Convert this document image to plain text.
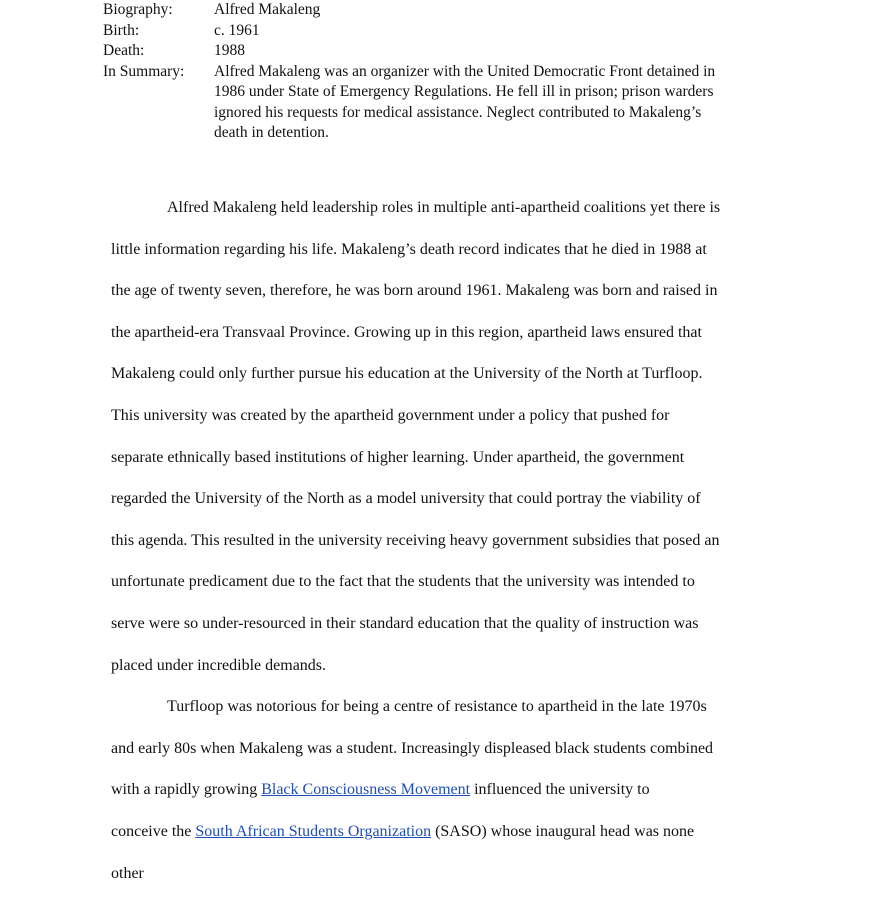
Biography:	Alfred Makaleng
Birth:	c. 1961
Death:	1988
In Summary:	Alfred Makaleng was an organizer with the United Democratic Front detained in
1986 under State of Emergency Regulations. He fell ill in prison; prison warders
ignored his requests for medical assistance. Neglect contributed to Makaleng’s
death in detention.
Alfred Makaleng held leadership roles in multiple anti-apartheid coalitions yet there is
little information regarding his life. Makaleng’s death record indicates that he died in 1988 at
the age of twenty seven, therefore, he was born around 1961. Makaleng was born and raised in
the apartheid-era Transvaal Province. Growing up in this region, apartheid laws ensured that
Makaleng could only further pursue his education at the University of the North at Turfloop.
This university was created by the apartheid government under a policy that pushed for
separate ethnically based institutions of higher learning. Under apartheid, the government
regarded the University of the North as a model university that could portray the viability of
this agenda. This resulted in the university receiving heavy government subsidies that posed an
unfortunate predicament due to the fact that the students that the university was intended to
serve were so under-resourced in their standard education that the quality of instruction was
placed under incredible demands.
Turfloop was notorious for being a centre of resistance to apartheid in the late 1970s
and early 80s when Makaleng was a student. Increasingly displeased black students combined
with a rapidly growing Black Consciousness Movement influenced the university to
conceive the South African Students Organization (SASO) whose inaugural head was none
other
